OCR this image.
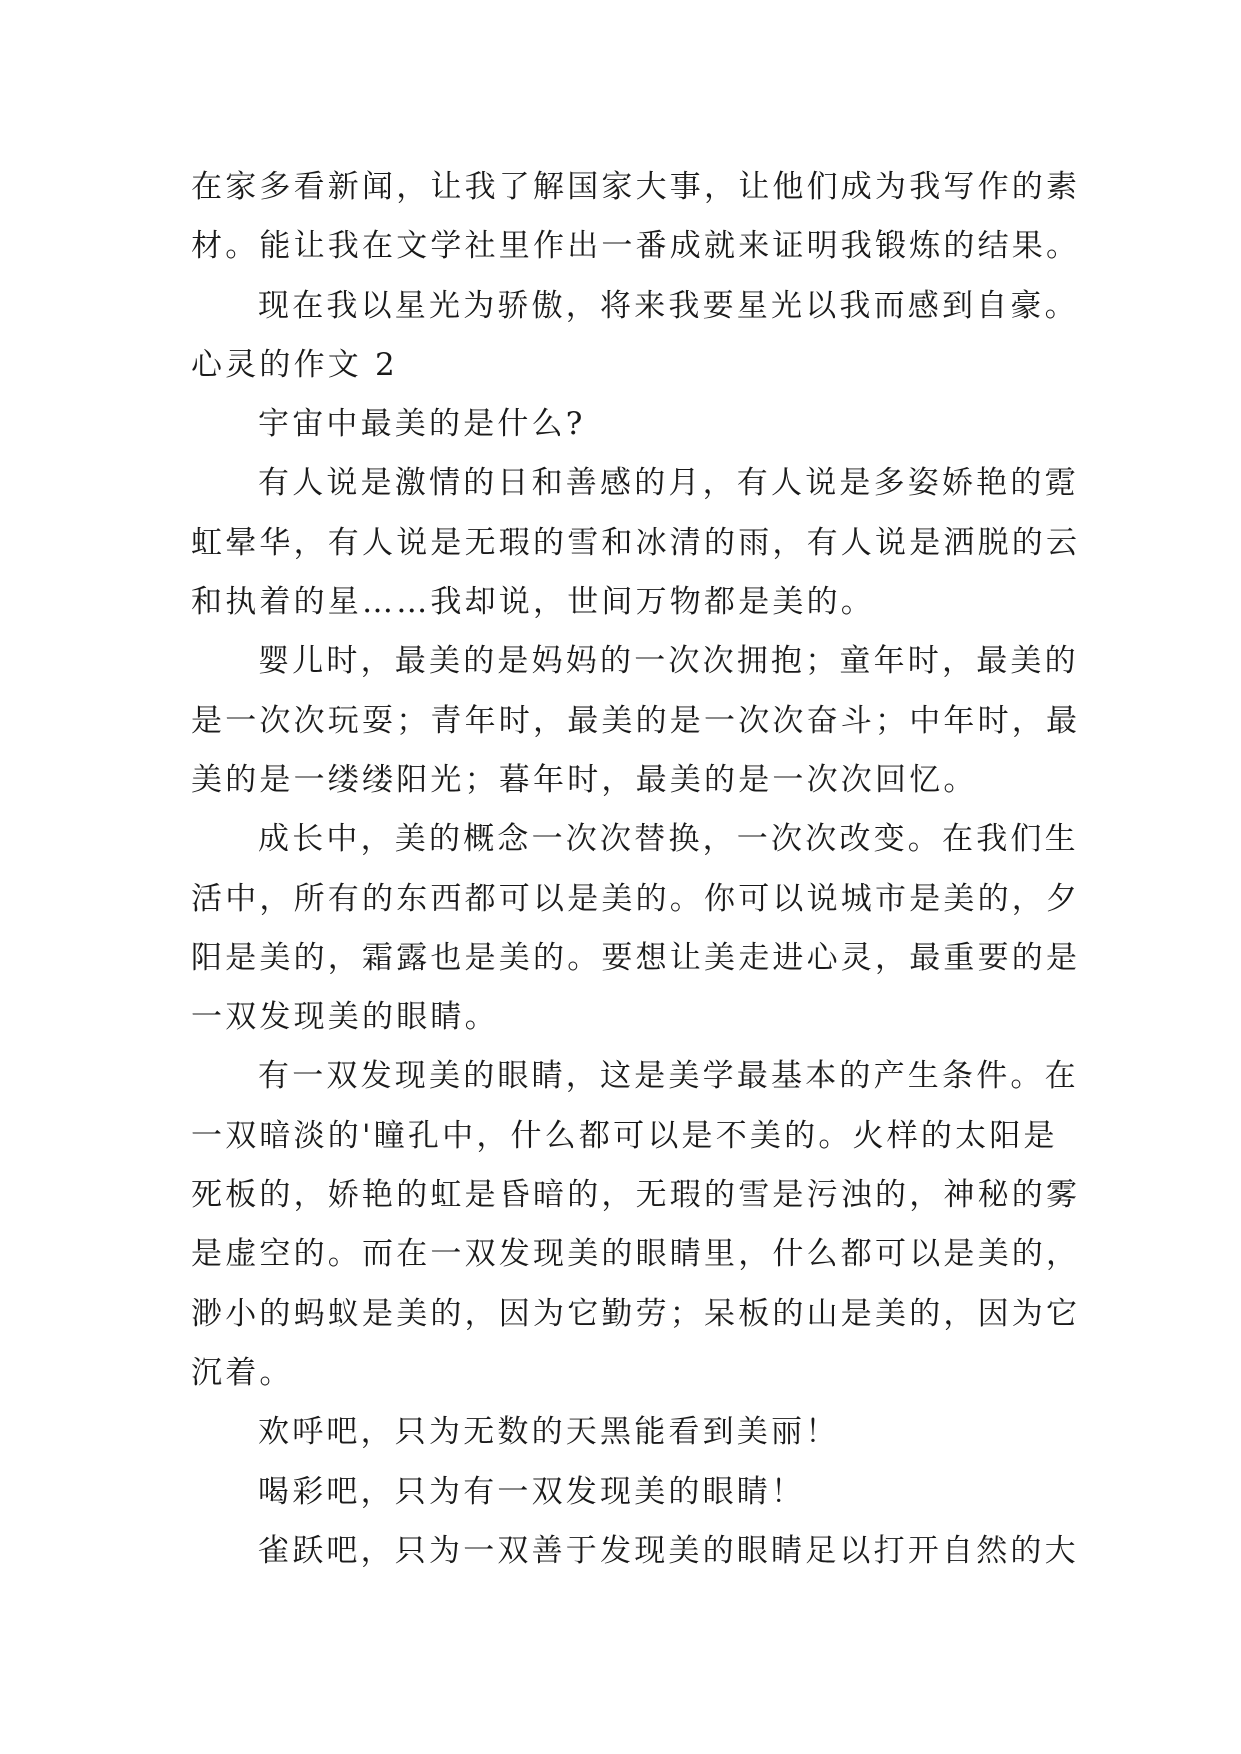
在家多看新闻，让我了解国家大事，让他们成为我写作的素
材。能让我在文学社里作出一番成就来证明我锻炼的结果。
现在我以星光为骄傲，将来我要星光以我而感到自豪。
心灵的作文 2
宇宙中最美的是什么?
有人说是激情的日和善感的月，有人说是多姿娇艳的霓
虹晕华，有人说是无瑕的雪和冰清的雨，有人说是洒脱的云
和执着的星……我却说，世间万物都是美的。
婴儿时，最美的是妈妈的一次次拥抱；童年时，最美的
是一次次玩耍；青年时，最美的是一次次奋斗；中年时，最
美的是一缕缕阳光；暮年时，最美的是一次次回忆。
成长中，美的概念一次次替换，一次次改变。在我们生
活中，所有的东西都可以是美的。你可以说城市是美的，夕
阳是美的，霜露也是美的。要想让美走进心灵，最重要的是
一双发现美的眼睛。
有一双发现美的眼睛，这是美学最基本的产生条件。在
一双暗淡的'瞳孔中，什么都可以是不美的。火样的太阳是
死板的，娇艳的虹是昏暗的，无瑕的雪是污浊的，神秘的雾
是虚空的。而在一双发现美的眼睛里，什么都可以是美的，
渺小的蚂蚁是美的，因为它勤劳；呆板的山是美的，因为它
沉着。
欢呼吧，只为无数的天黑能看到美丽！
喝彩吧，只为有一双发现美的眼睛！
雀跃吧，只为一双善于发现美的眼睛足以打开自然的大
